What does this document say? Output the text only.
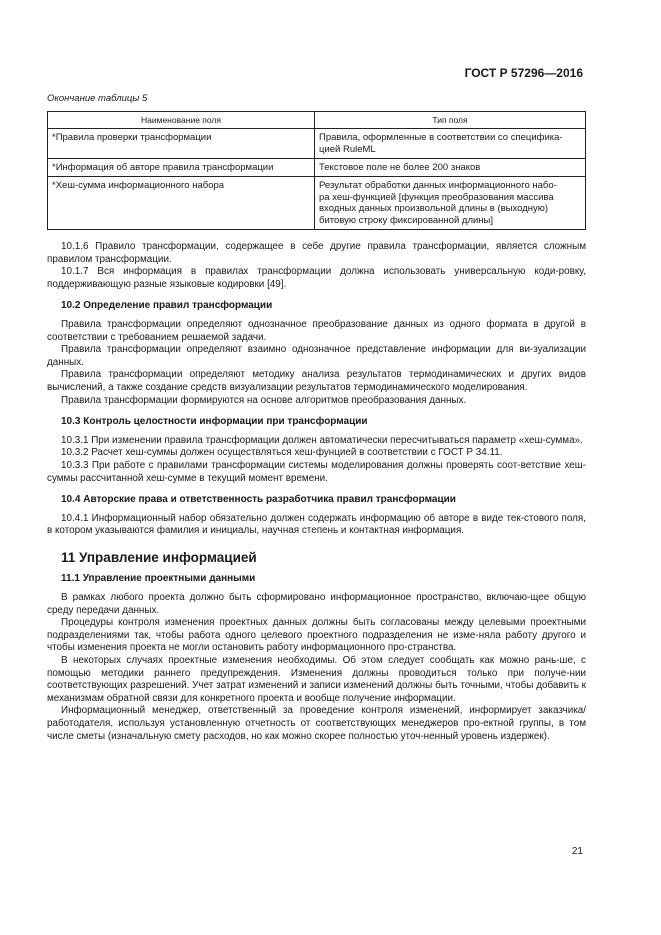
ГОСТ Р 57296—2016
Окончание таблицы 5
Наименование поля	Тип поля
*Правила проверки трансформации	Правила, оформленные в соответствии со специфика-
цией RuleML
*Информация об авторе правила трансформации	Текстовое поле не более 200 знаков
*Хеш-сумма информационного набора	Результат обработки данных информационного набо-
ра хеш-функцией [функция преобразования массива
входных данных произвольной длины в (выходную)
битовую строку фиксированной длины]

10.1.6 Правило трансформации, содержащее в себе другие правила трансформации, является сложным правилом трансформации.

10.1.7 Вся информация в правилах трансформации должна использовать универсальную коди-ровку, поддерживающую разные языковые кодировки [49].

10.2 Определение правил трансформации

Правила трансформации определяют однозначное преобразование данных из одного формата в другой в соответствии с требованием решаемой задачи.

Правила трансформации определяют взаимно однозначное представление информации для ви-зуализации данных.

Правила трансформации определяют методику анализа результатов термодинамических и других видов вычислений, а также создание средств визуализации результатов термодинамического моделирования.

Правила трансформации формируются на основе алгоритмов преобразования данных.

10.3 Контроль целостности информации при трансформации

10.3.1 При изменении правила трансформации должен автоматически пересчитываться параметр «хеш-сумма».

10.3.2 Расчет хеш-суммы должен осуществляться хеш-фунцией в соответствии с ГОСТ Р 34.11.

10.3.3 При работе с правилами трансформации системы моделирования должны проверять соот-ветствие хеш-суммы рассчитанной хеш-сумме в текущий момент времени.

10.4 Авторские права и ответственность разработчика правил трансформации

10.4.1 Информационный набор обязательно должен содержать информацию об авторе в виде тек-стового поля, в котором указываются фамилия и инициалы, научная степень и контактная информация.

11 Управление информацией
11.1 Управление проектными данными

В рамках любого проекта должно быть сформировано информационное пространство, включаю-щее общую среду передачи данных.

Процедуры контроля изменения проектных данных должны быть согласованы между целевыми проектными подразделениями так, чтобы работа одного целевого проектного подразделения не изме-няла работу другого и чтобы изменения проекта не могли остановить работу информационного про-странства.

В некоторых случаях проектные изменения необходимы. Об этом следует сообщать как можно рань-ше, с помощью методики раннего предупреждения. Изменения должны проводиться только при получе-нии соответствующих разрешений. Учет затрат изменений и записи изменений должны быть точными, чтобы добавить к механизмам обратной связи для конкретного проекта и вообще получение информации.

Информационный менеджер, ответственный за проведение контроля изменений, информирует заказчика/работодателя, используя установленную отчетность от соответствующих менеджеров про-ектной группы, в том числе сметы (изначальную смету расходов, но как можно скорее полностью уточ-ненный уровень издержек).

21
